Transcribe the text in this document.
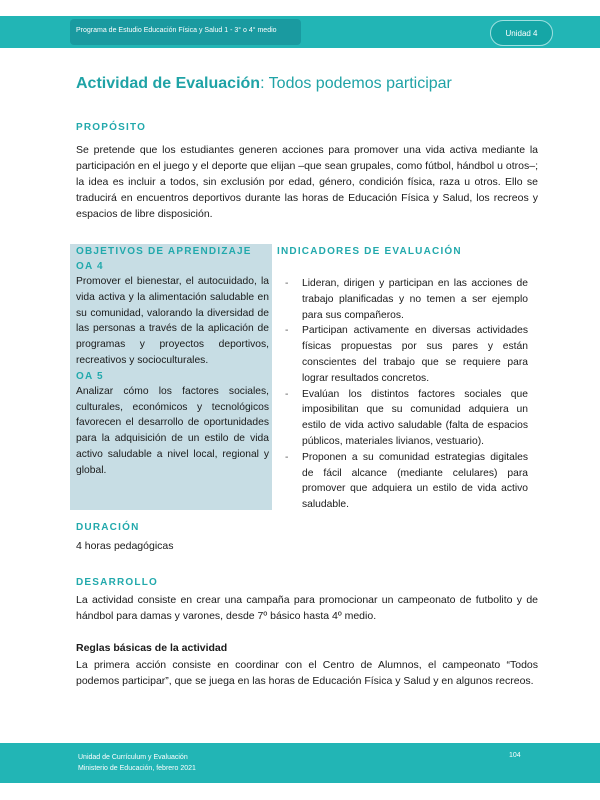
Programa de Estudio Educación Física y Salud 1 - 3° o 4° medio	Unidad 4
Actividad de Evaluación: Todos podemos participar
PROPÓSITO
Se pretende que los estudiantes generen acciones para promover una vida activa mediante la participación en el juego y el deporte que elijan –que sean grupales, como fútbol, hándbol u otros–; la idea es incluir a todos, sin exclusión por edad, género, condición física, raza u otros. Ello se traducirá en encuentros deportivos durante las horas de Educación Física y Salud, los recreos y espacios de libre disposición.
OBJETIVOS DE APRENDIZAJE
OA 4
Promover el bienestar, el autocuidado, la vida activa y la alimentación saludable en su comunidad, valorando la diversidad de las personas a través de la aplicación de programas y proyectos deportivos, recreativos y socioculturales.
OA 5
Analizar cómo los factores sociales, culturales, económicos y tecnológicos favorecen el desarrollo de oportunidades para la adquisición de un estilo de vida activo saludable a nivel local, regional y global.
INDICADORES DE EVALUACIÓN
- Lideran, dirigen y participan en las acciones de trabajo planificadas y no temen a ser ejemplo para sus compañeros.
- Participan activamente en diversas actividades físicas propuestas por sus pares y están conscientes del trabajo que se requiere para lograr resultados concretos.
- Evalúan los distintos factores sociales que imposibilitan que su comunidad adquiera un estilo de vida activo saludable (falta de espacios públicos, materiales livianos, vestuario).
- Proponen a su comunidad estrategias digitales de fácil alcance (mediante celulares) para promover que adquiera un estilo de vida activo saludable.
DURACIÓN
4 horas pedagógicas
DESARROLLO
La actividad consiste en crear una campaña para promocionar un campeonato de futbolito y de hándbol para damas y varones, desde 7º básico hasta 4º medio.
Reglas básicas de la actividad
La primera acción consiste en coordinar con el Centro de Alumnos, el campeonato “Todos podemos participar”, que se juega en las horas de Educación Física y Salud y en algunos recreos.
Unidad de Currículum y Evaluación
Ministerio de Educación, febrero 2021
104
